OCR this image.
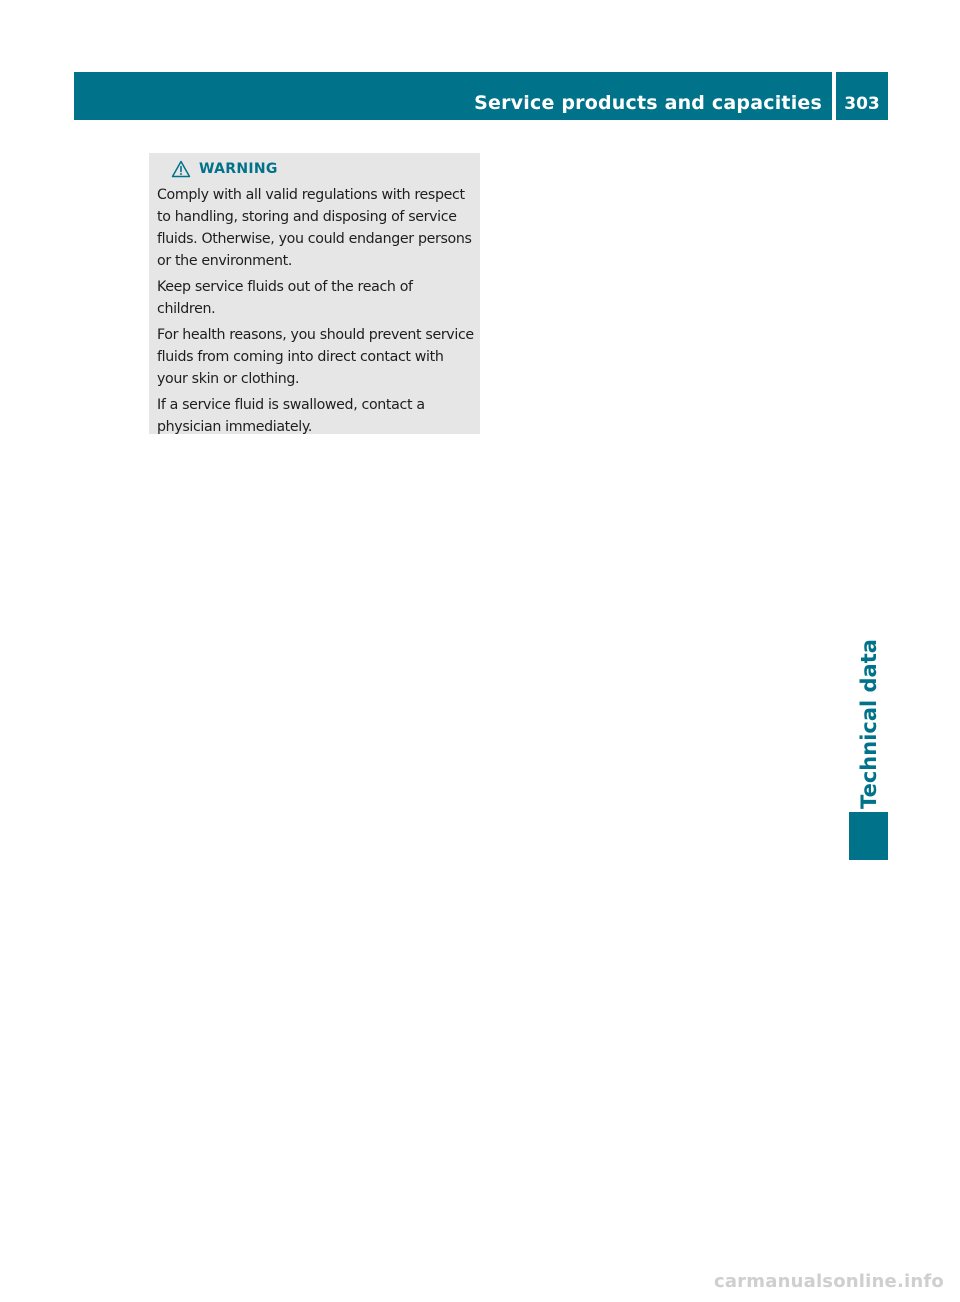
Service products and capacities	303
Technical data
WARNING

Comply with all valid regulations with respect to handling, storing and disposing of service fluids. Otherwise, you could endanger persons or the environment.

Keep service fluids out of the reach of children.

For health reasons, you should prevent service fluids from coming into direct contact with your skin or clothing.

If a service fluid is swallowed, contact a physician immediately.

carmanualsonline.info
